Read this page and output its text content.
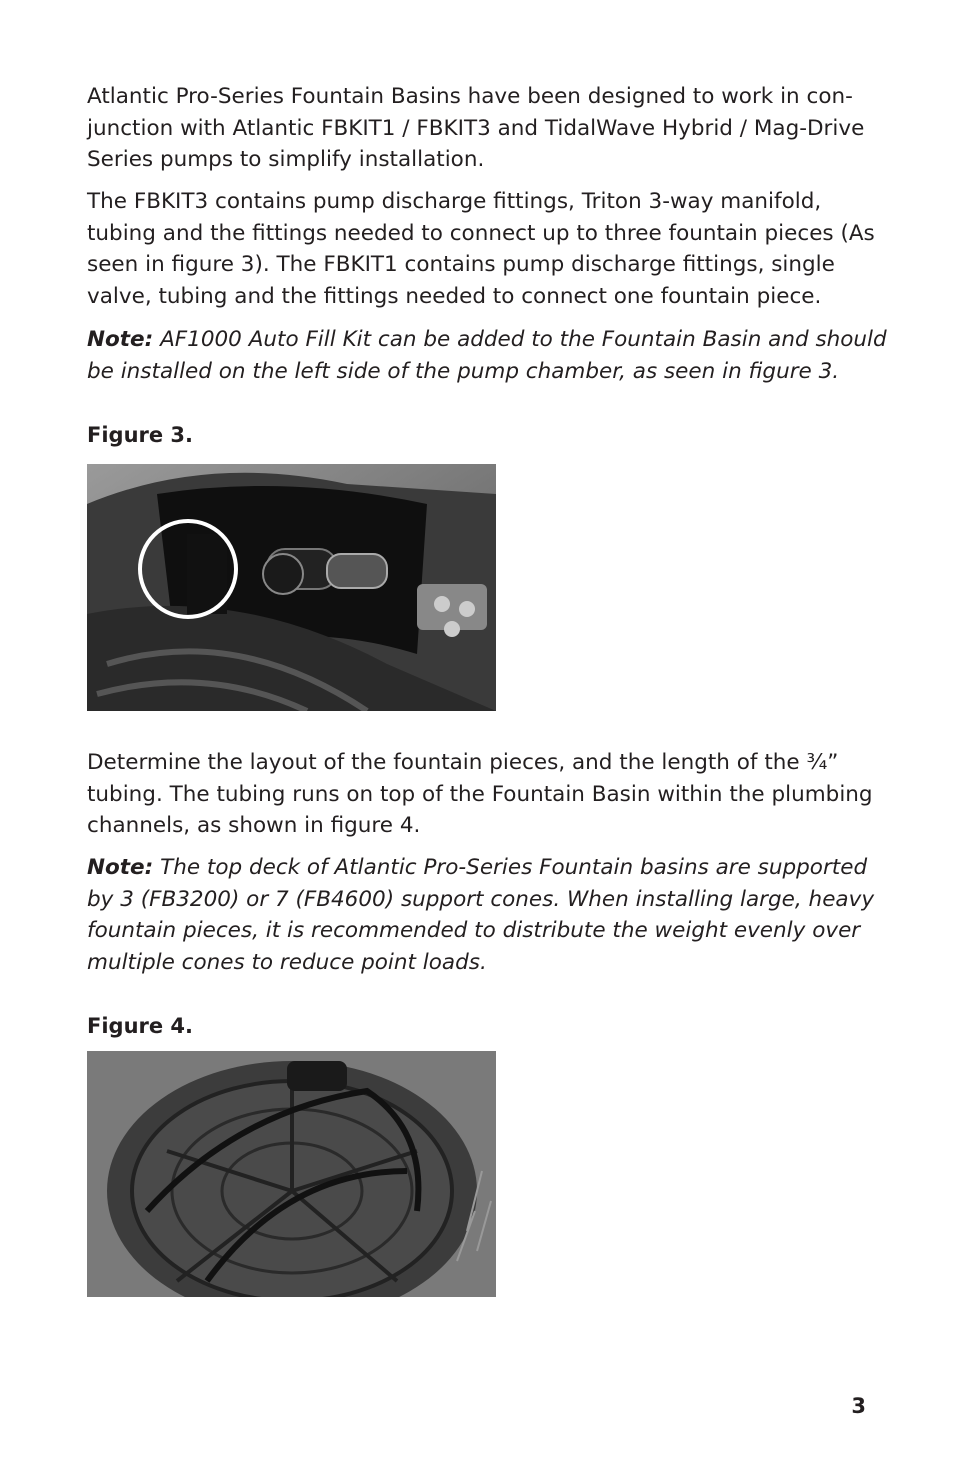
Atlantic Pro-Series Fountain Basins have been designed to work in con-junction with Atlantic FBKIT1 / FBKIT3 and TidalWave Hybrid / Mag-Drive Series pumps to simplify installation.

The FBKIT3 contains pump discharge fittings, Triton 3-way manifold, tubing and the fittings needed to connect up to three fountain pieces (As seen in figure 3). The FBKIT1 contains pump discharge fittings, single valve, tubing and the fittings needed to connect one fountain piece.

Note: AF1000 Auto Fill Kit can be added to the Fountain Basin and should be installed on the left side of the pump chamber, as seen in figure 3.

Figure 3.

Determine the layout of the fountain pieces, and the length of the ¾” tubing. The tubing runs on top of the Fountain Basin within the plumbing channels, as shown in figure 4.

Note: The top deck of Atlantic Pro-Series Fountain basins are supported by 3 (FB3200) or 7 (FB4600) support cones. When installing large, heavy fountain pieces, it is recommended to distribute the weight evenly over multiple cones to reduce point loads.

Figure 4.

3
